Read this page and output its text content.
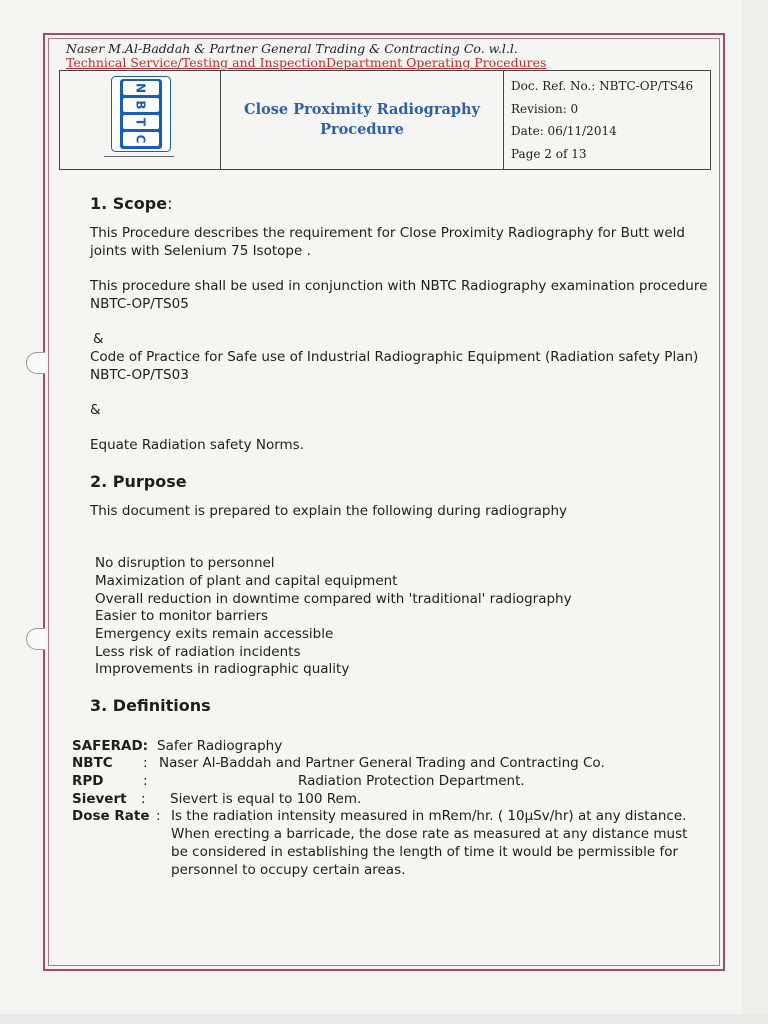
Naser M.Al-Baddah & Partner General Trading & Contracting Co. w.l.l.
Technical Service/Testing and InspectionDepartment Operating Procedures
N
B
T
C
Close Proximity Radiography
Procedure
Doc. Ref. No.: NBTC-OP/TS46
Revision: 0
Date: 06/11/2014
Page 2 of 13
1. Scope:
This Procedure describes the requirement for Close Proximity Radiography for Butt weld
joints with Selenium 75 Isotope .
This procedure shall be used in conjunction with NBTC Radiography examination procedure
NBTC-OP/TS05
&
Code of Practice for Safe use of Industrial Radiographic Equipment (Radiation safety Plan)
NBTC-OP/TS03
&
Equate Radiation safety Norms.
2. Purpose
This document is prepared to explain the following during radiography
No disruption to personnel
Maximization of plant and capital equipment
Overall reduction in downtime compared with 'traditional' radiography
Easier to monitor barriers
Emergency exits remain accessible
Less risk of radiation incidents
Improvements in radiographic quality
3. Definitions
SAFERAD: Safer Radiography
NBTC : Naser Al-Baddah and Partner General Trading and Contracting Co.
RPD	:	Radiation Protection Department.
Sievert : Sievert is equal to 100 Rem.
Dose Rate : Is the radiation intensity measured in mRem/hr. ( 10µSv/hr) at any distance.
When erecting a barricade, the dose rate as measured at any distance must
be considered in establishing the length of time it would be permissible for
personnel to occupy certain areas.
